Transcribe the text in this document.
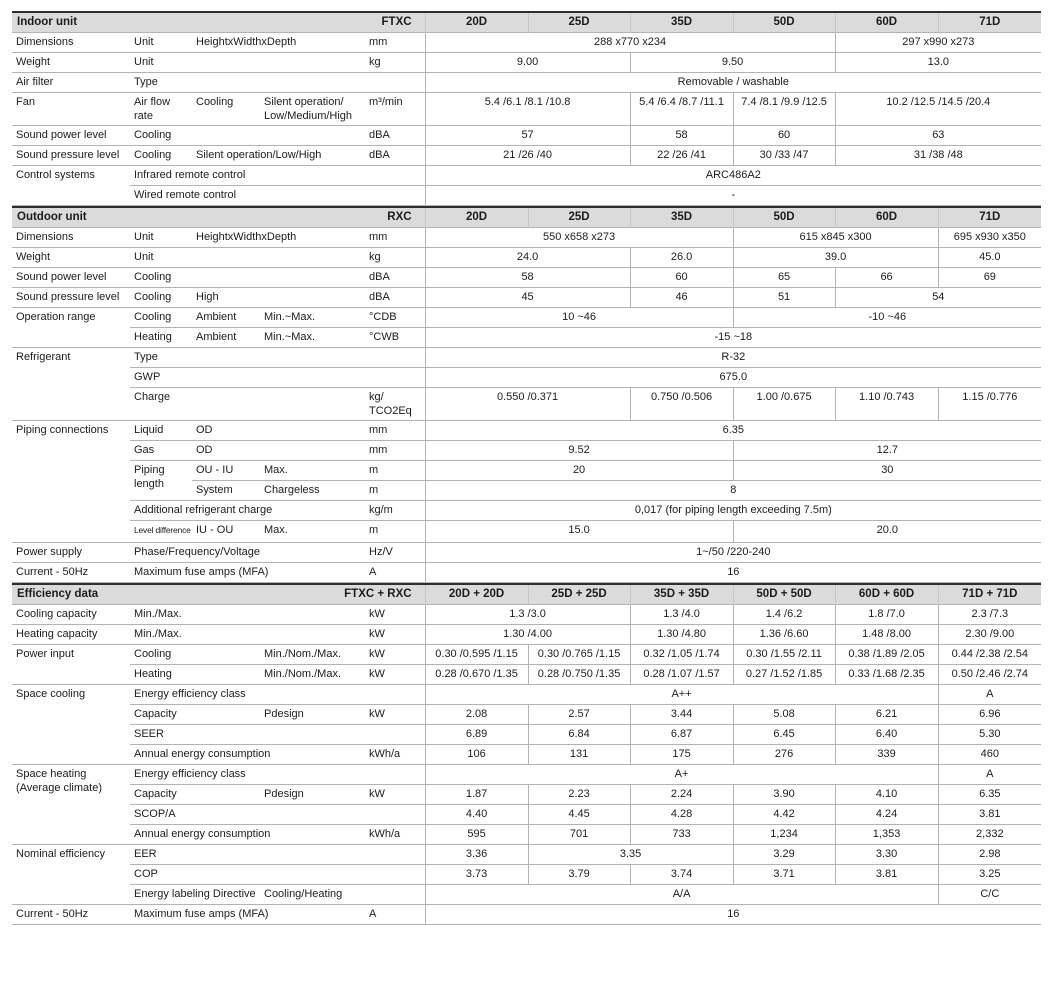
Indoor unit FTXC					20D	25D	35D	50D	60D	71D
Dimensions	Unit	HeightxWidthxDepth		mm	288 x770 x234				297 x990 x273	
Weight	Unit			kg	9.00		9.50		13.0	
Air filter	Type				Removable / washable					
Fan	Air flow rate	Cooling	Silent operation/​Low/​Medium/​High	m³/min	5.4 /6.1 /8.1 /10.8		5.4 /6.4 /8.7 /11.1	7.4 /8.1 /9.9 /12.5	10.2 /12.5 /14.5 /20.4	
Sound power level	Cooling			dBA	57		58	60	63	
Sound pressure level	Cooling	Silent operation/Low/High		dBA	21 /26 /40		22 /26 /41	30 /33 /47	31 /38 /48	
Control systems	Infrared remote control				ARC486A2					
	Wired remote control				-					
Outdoor unit RXC					20D	25D	35D	50D	60D	71D
Dimensions	Unit	HeightxWidthxDepth		mm	550 x658 x273			615 x845 x300		695 x930 x350
Weight	Unit			kg	24.0		26.0	39.0		45.0
Sound power level	Cooling			dBA	58		60	65	66	69
Sound pressure level	Cooling	High		dBA	45		46	51	54	
Operation range	Cooling	Ambient	Min.~Max.	°CDB	10 ~46			-10 ~46		
	Heating	Ambient	Min.~Max.	°CWB	-15 ~18					
Refrigerant	Type				R-32					
	GWP				675.0					
	Charge			kg/ TCO2Eq	0.550 /0.371		0.750 /0.506	1.00 /0.675	1.10 /0.743	1.15 /0.776
Piping connections	Liquid	OD		mm	6.35					
	Gas	OD		mm	9.52			12.7		
	Piping length	OU - IU	Max.	m	20			30		
		System	Chargeless	m	8					
	Additional refrigerant charge			kg/m	0,017 (for piping length exceeding 7.5m)					
	Level difference	IU - OU	Max.	m	15.0			20.0		
Power supply	Phase/Frequency/Voltage			Hz/V	1~/50 /220-240					
Current - 50Hz	Maximum fuse amps (MFA)			A	16					
Efficiency data FTXC + RXC				20D + 20D	25D + 25D	35D + 35D	50D + 50D	60D + 60D	71D + 71D
Cooling capacity	Min./Max.		kW	1.3 /3.0		1.3 /4.0	1.4 /6.2	1.8 /7.0	2.3 /7.3
Heating capacity	Min./Max.		kW	1.30 /4.00		1.30 /4.80	1.36 /6.60	1.48 /8.00	2.30 /9.00
Power input	Cooling	Min./Nom./Max.	kW	0.30 /0.595 /1.15	0.30 /0.765 /1.15	0.32 /1.05 /1.74	0.30 /1.55 /2.11	0.38 /1.89 /2.05	0.44 /2.38 /2.54
	Heating	Min./Nom./Max.	kW	0.28 /0.670 /1.35	0.28 /0.750 /1.35	0.28 /1.07 /1.57	0.27 /1.52 /1.85	0.33 /1.68 /2.35	0.50 /2.46 /2.74
Space cooling	Energy efficiency class			A++					A
	Capacity	Pdesign	kW	2.08	2.57	3.44	5.08	6.21	6.96
	SEER			6.89	6.84	6.87	6.45	6.40	5.30
	Annual energy consumption		kWh/a	106	131	175	276	339	460
Space heating (Average climate)	Energy efficiency class			A+					A
	Capacity	Pdesign	kW	1.87	2.23	2.24	3.90	4.10	6.35
	SCOP/A			4.40	4.45	4.28	4.42	4.24	3.81
	Annual energy consumption		kWh/a	595	701	733	1,234	1,353	2,332
Nominal efficiency	EER			3.36	3.35		3.29	3.30	2.98
	COP			3.73	3.79	3.74	3.71	3.81	3.25
	Energy labeling Directive	Cooling/Heating		A/A					C/C
Current - 50Hz	Maximum fuse amps (MFA)		A	16					
